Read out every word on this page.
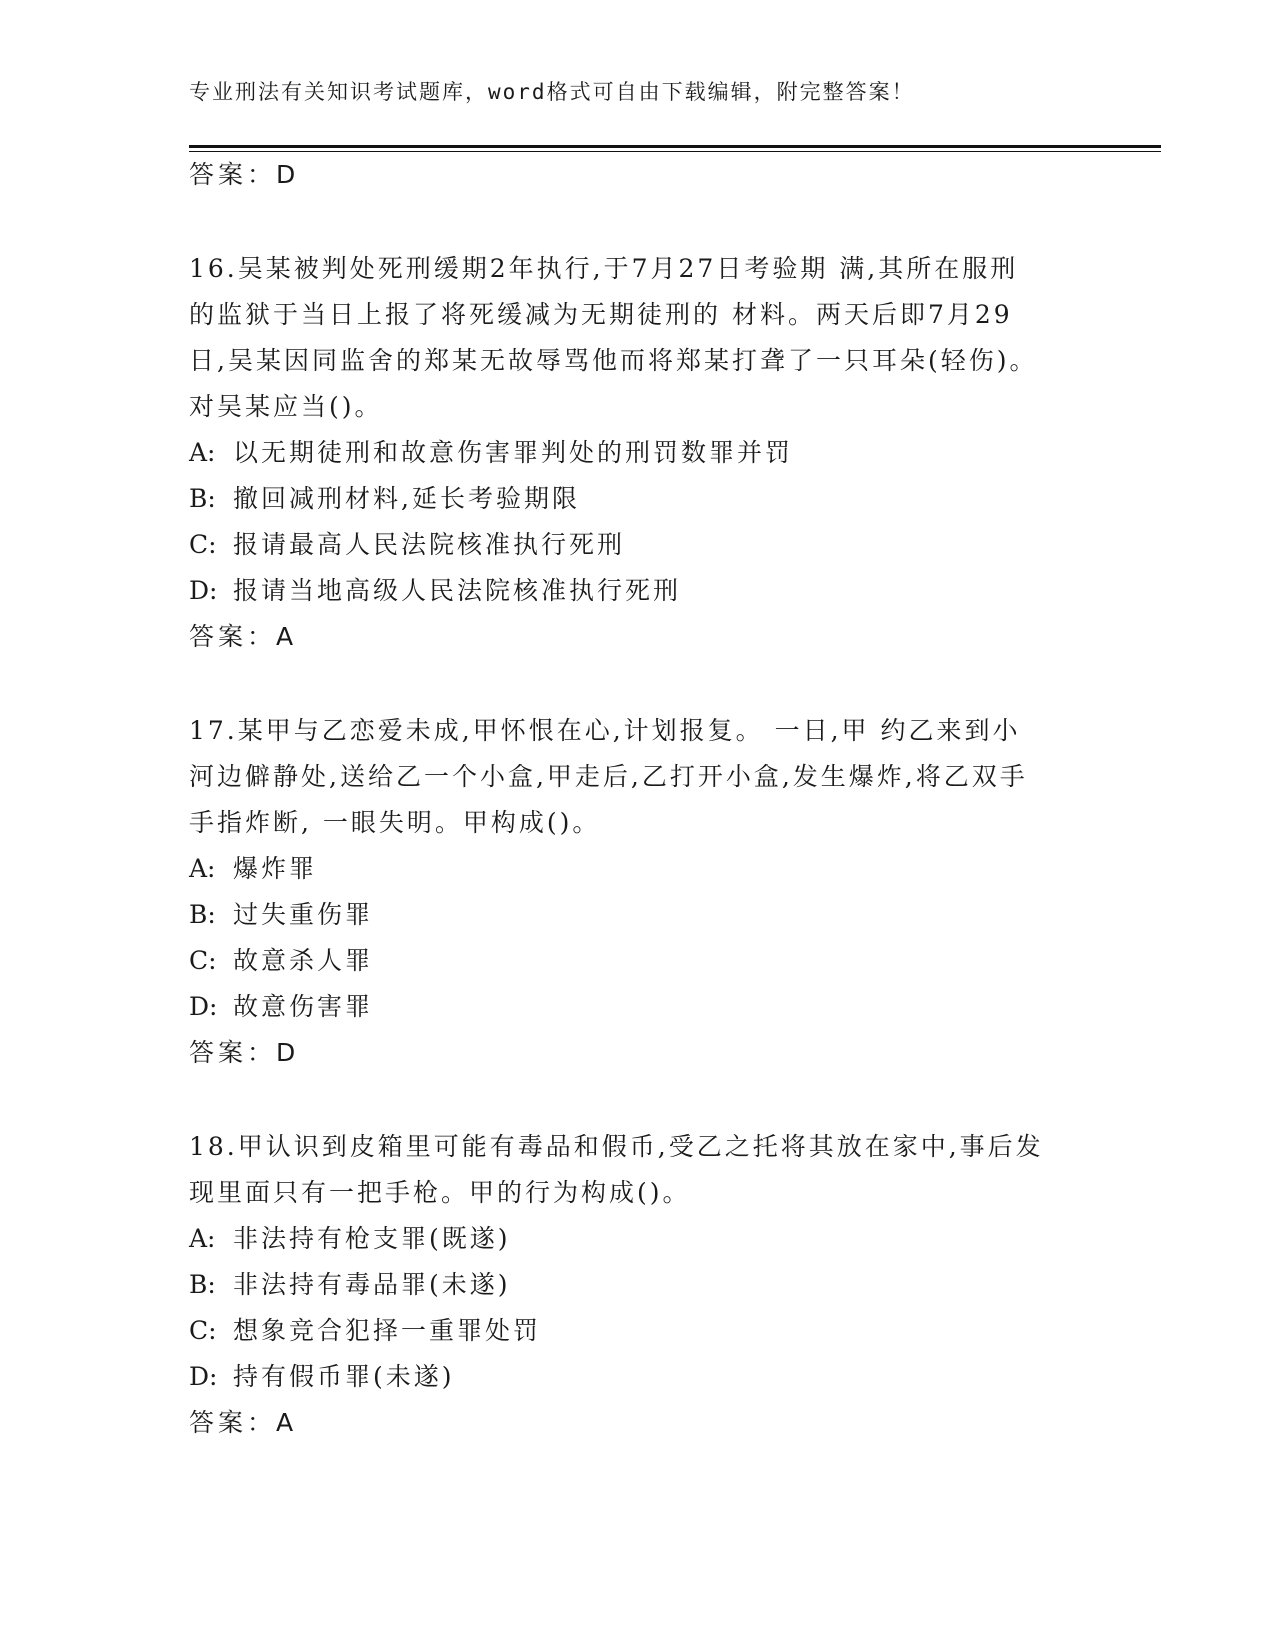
专业刑法有关知识考试题库，word格式可自由下载编辑，附完整答案！
答案：D
16.吴某被判处死刑缓期2年执行,于7月27日考验期 满,其所在服刑
的监狱于当日上报了将死缓减为无期徒刑的 材料。两天后即7月29
日,吴某因同监舍的郑某无故辱骂他而将郑某打聋了一只耳朵(轻伤)。
对吴某应当()。
A: 以无期徒刑和故意伤害罪判处的刑罚数罪并罚
B: 撤回减刑材料,延长考验期限
C: 报请最高人民法院核准执行死刑
D: 报请当地高级人民法院核准执行死刑
答案：A
17.某甲与乙恋爱未成,甲怀恨在心,计划报复。 一日,甲 约乙来到小
河边僻静处,送给乙一个小盒,甲走后,乙打开小盒,发生爆炸,将乙双手
手指炸断, 一眼失明。甲构成()。
A: 爆炸罪
B: 过失重伤罪
C: 故意杀人罪
D: 故意伤害罪
答案：D
18.甲认识到皮箱里可能有毒品和假币,受乙之托将其放在家中,事后发
现里面只有一把手枪。甲的行为构成()。
A: 非法持有枪支罪(既遂)
B: 非法持有毒品罪(未遂)
C: 想象竞合犯择一重罪处罚
D: 持有假币罪(未遂)
答案：A
